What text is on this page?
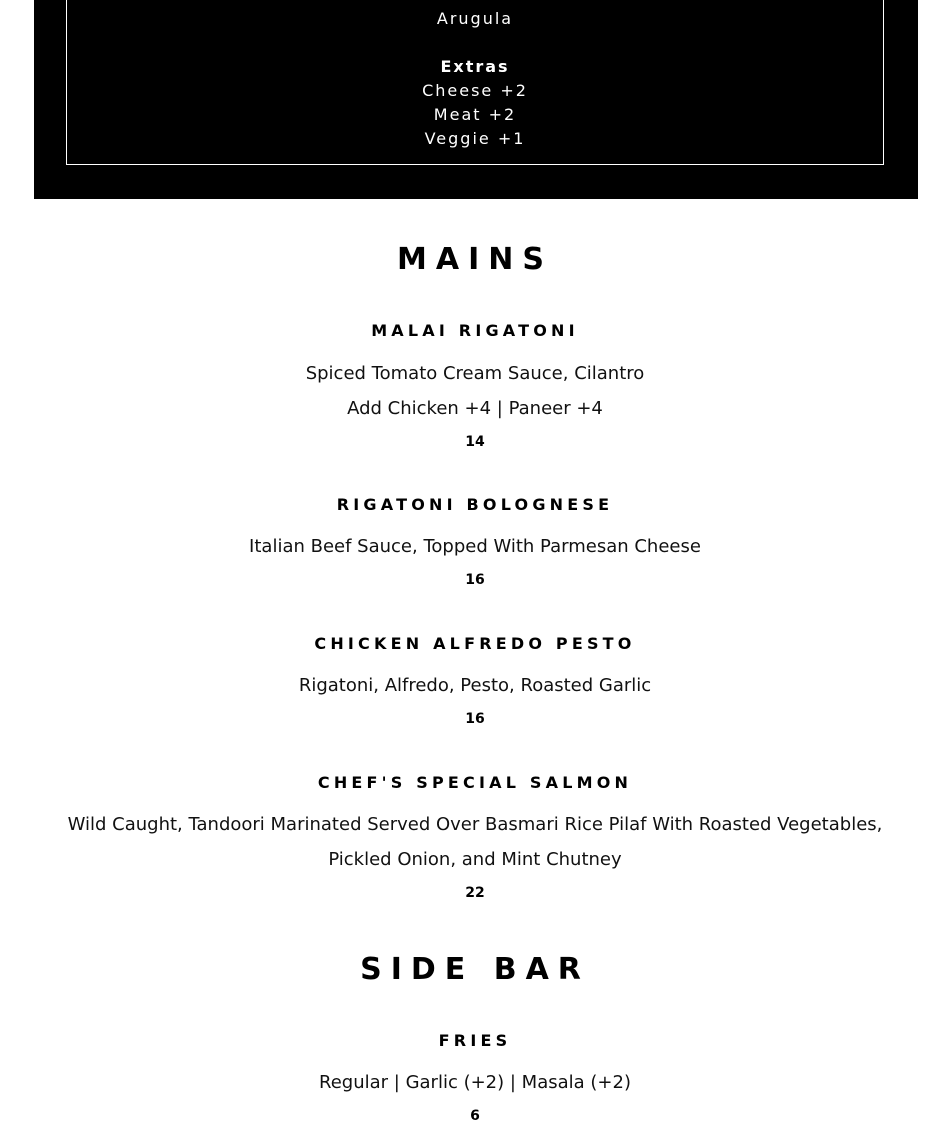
Arugula
Extras
Cheese +2
Meat +2
Veggie +1
MAINS
MALAI RIGATONI
Spiced Tomato Cream Sauce, Cilantro
Add Chicken +4 | Paneer +4
14
RIGATONI BOLOGNESE
Italian Beef Sauce, Topped With Parmesan Cheese
16
CHICKEN ALFREDO PESTO
Rigatoni, Alfredo, Pesto, Roasted Garlic
16
CHEF'S SPECIAL SALMON
Wild Caught, Tandoori Marinated Served Over Basmari Rice Pilaf With Roasted Vegetables, Pickled Onion, and Mint Chutney
22
SIDE BAR
FRIES
Regular | Garlic (+2) | Masala (+2)
6
